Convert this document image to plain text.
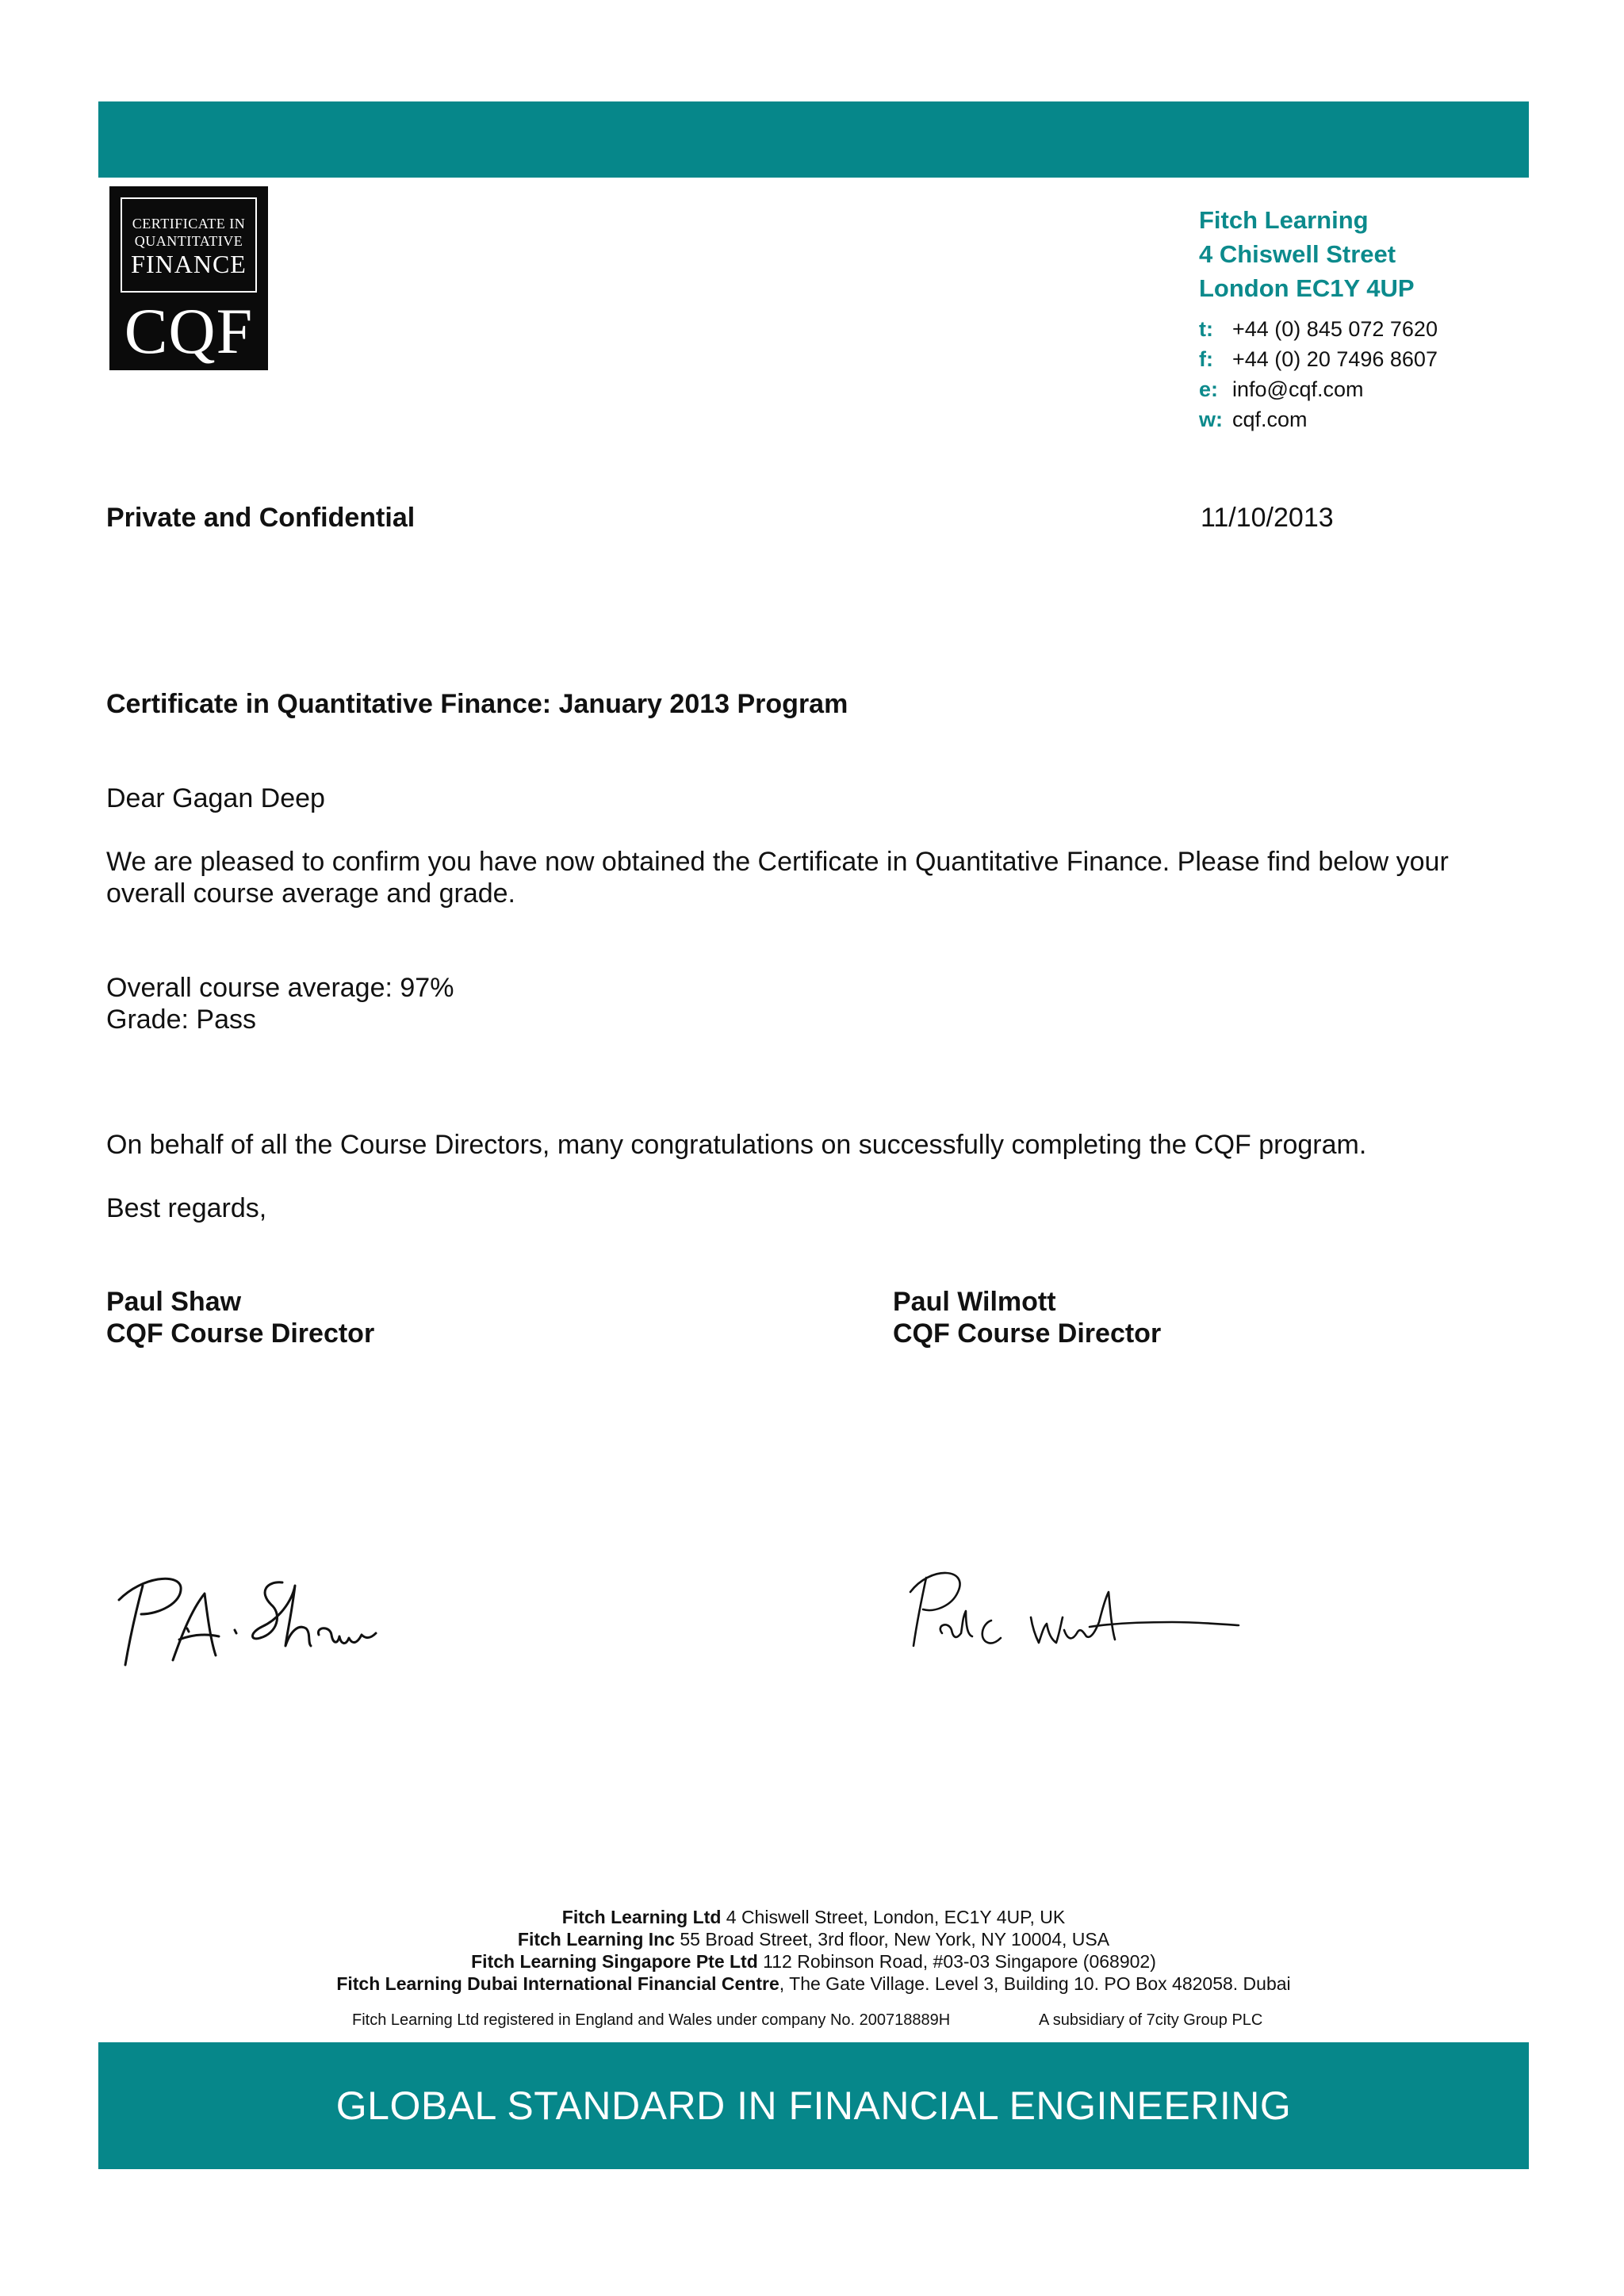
CERTIFICATE IN
QUANTITATIVE
FINANCE
CQF
Fitch Learning
4 Chiswell Street
London EC1Y 4UP
t: +44 (0) 845 072 7620
f: +44 (0) 20 7496 8607
e: info@cqf.com
w: cqf.com
Private and Confidential	11/10/2013
Certificate in Quantitative Finance: January 2013 Program
Dear Gagan Deep
We are pleased to confirm you have now obtained the Certificate in Quantitative Finance. Please find below your
overall course average and grade.
Overall course average: 97%
Grade: Pass
On behalf of all the Course Directors, many congratulations on successfully completing the CQF program.
Best regards,
Paul Shaw
CQF Course Director
Paul Wilmott
CQF Course Director
Fitch Learning Ltd 4 Chiswell Street, London, EC1Y 4UP, UK
Fitch Learning Inc 55 Broad Street, 3rd floor, New York, NY 10004, USA
Fitch Learning Singapore Pte Ltd 112 Robinson Road, #03-03 Singapore (068902)
Fitch Learning Dubai International Financial Centre, The Gate Village. Level 3, Building 10. PO Box 482058. Dubai
Fitch Learning Ltd registered in England and Wales under company No. 200718889H	A subsidiary of 7city Group PLC
GLOBAL STANDARD IN FINANCIAL ENGINEERING
